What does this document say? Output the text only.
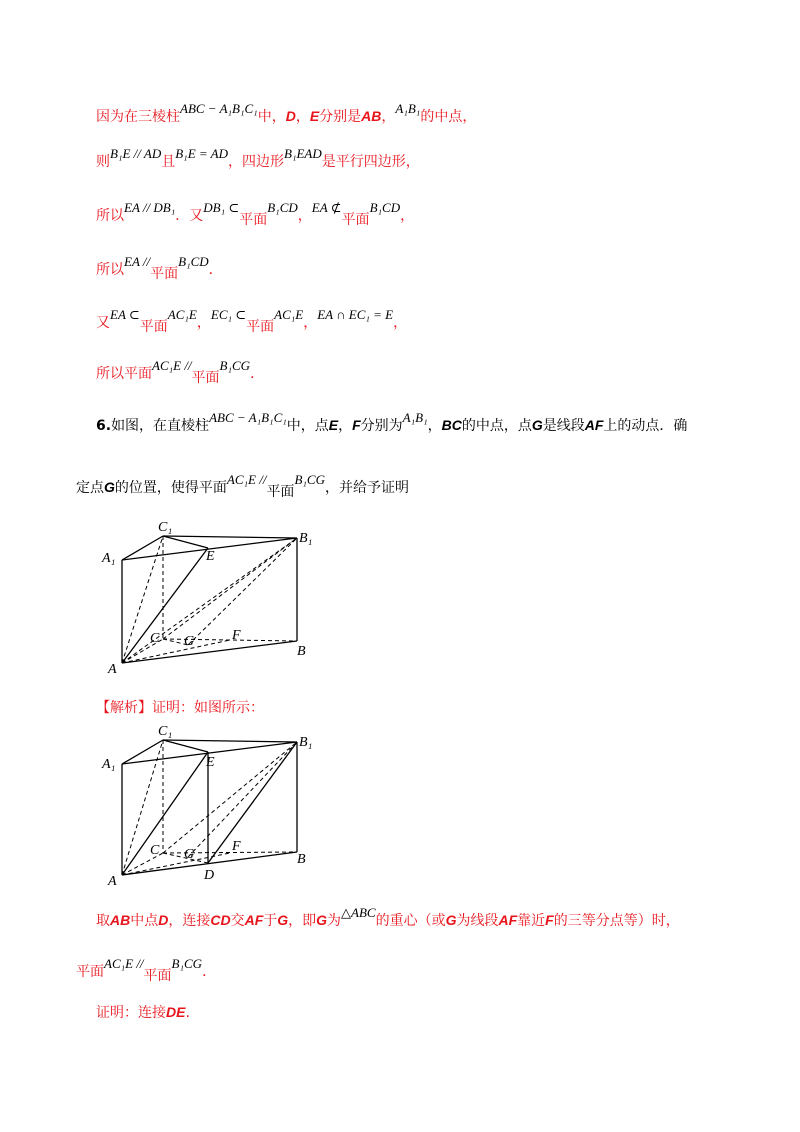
因为在三棱柱ABC − A₁B₁C₁中，D，E分别是AB，A₁B₁的中点，
则B₁E // AD且B₁E = AD，四边形B₁EAD是平行四边形，
所以EA // DB₁．又DB₁ ⊂平面B₁CD，EA ⊄平面B₁CD，
所以EA //平面B₁CD．
又EA ⊂平面AC₁E，EC₁ ⊂平面AC₁E，EA ∩ EC₁ = E，
所以平面AC₁E //平面B₁CG．
6.如图，在直棱柱ABC − A₁B₁C₁中，点E，F分别为A₁B₁，BC的中点，点G是线段AF上的动点．确
定点G的位置，使得平面AC₁E //平面B₁CG，并给予证明
C₁
A₁	E
B₁
C G	F
A
B
【解析】证明：如图所示：
C₁
A₁	E
B₁
C G
F
A
B
D
取AB中点D，连接CD交AF于G，即G为△ABC的重心（或G为线段AF靠近F的三等分点等）时，
平面AC₁E //平面B₁CG．
证明：连接DE.
